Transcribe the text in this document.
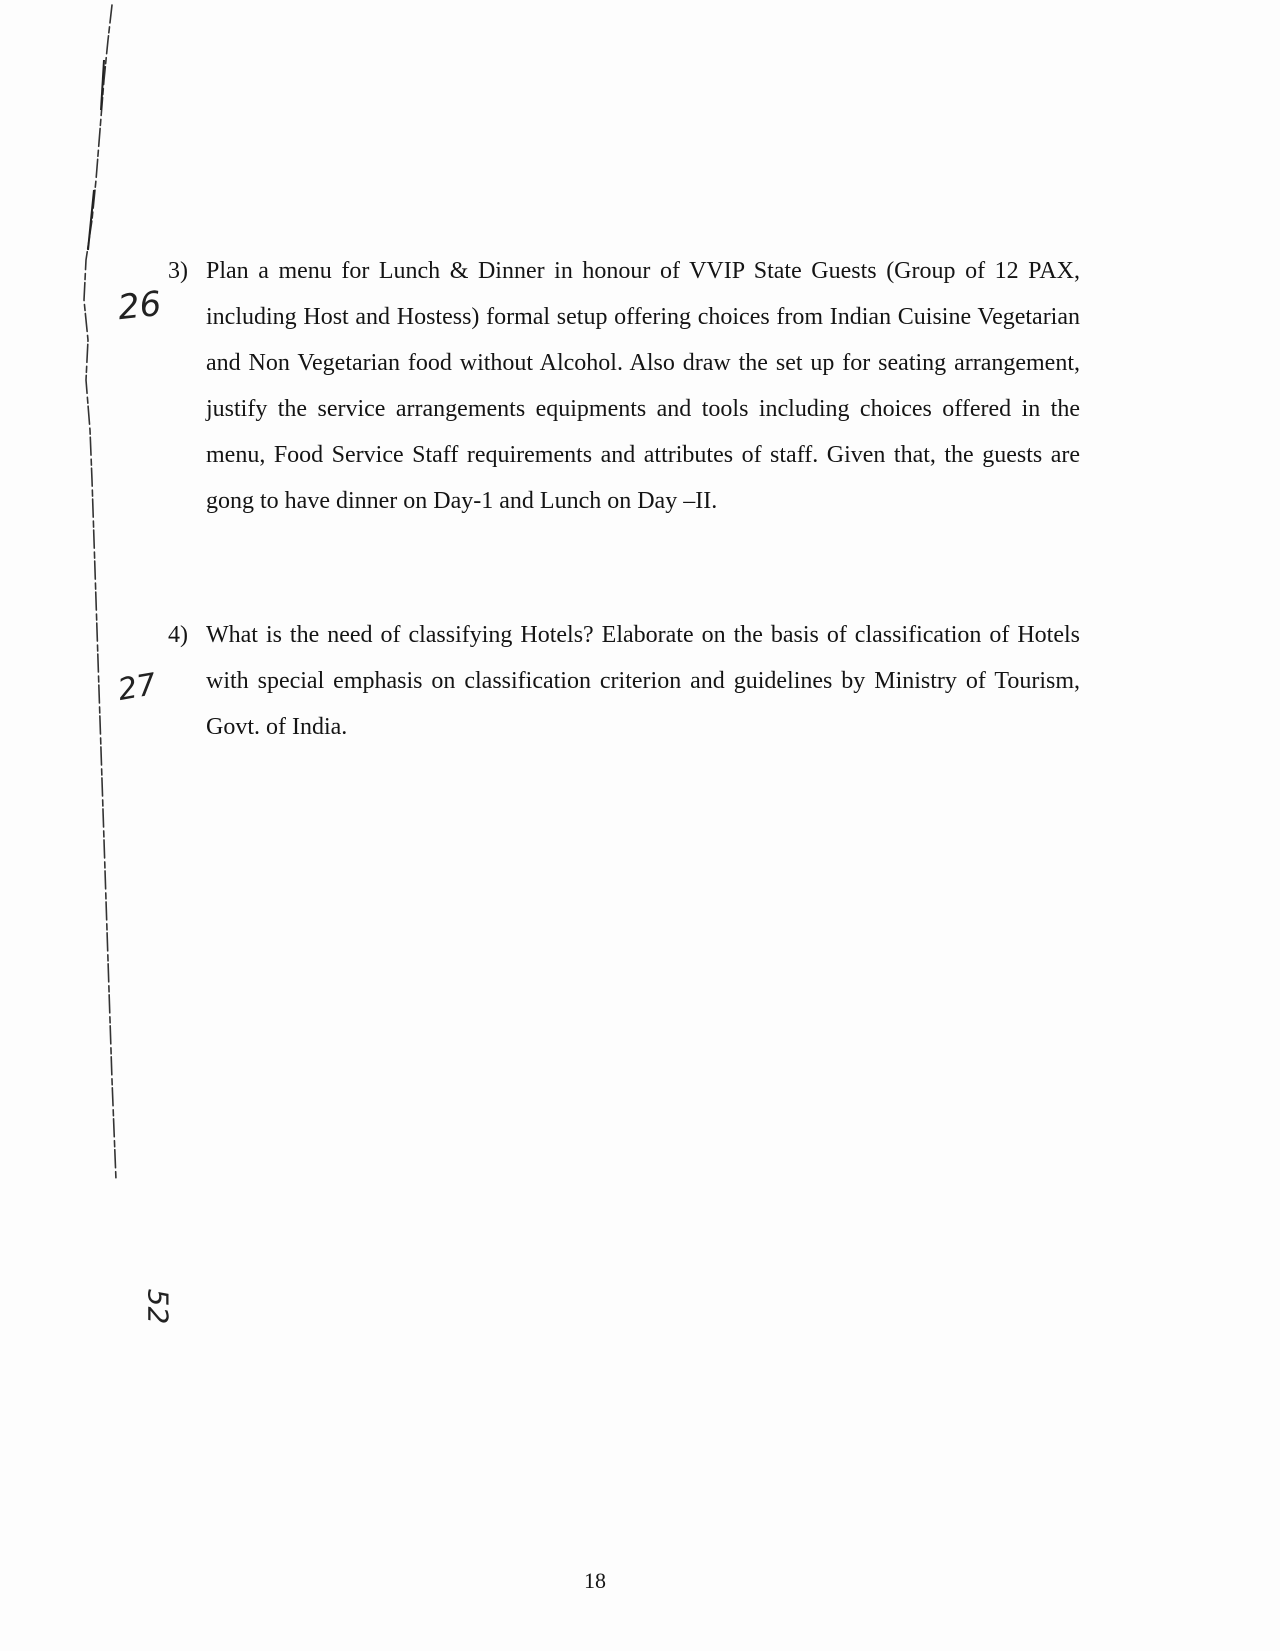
26
27
52
3) Plan a menu for Lunch & Dinner in honour of VVIP State Guests (Group of 12 PAX, including Host and Hostess) formal setup offering choices from Indian Cuisine Vegetarian and Non Vegetarian food without Alcohol. Also draw the set up for seating arrangement, justify the service arrangements equipments and tools including choices offered in the menu, Food Service Staff requirements and attributes of staff. Given that, the guests are gong to have dinner on Day-1 and Lunch on Day –II.
4) What is the need of classifying Hotels? Elaborate on the basis of classification of Hotels with special emphasis on classification criterion and guidelines by Ministry of Tourism, Govt. of India.
18
